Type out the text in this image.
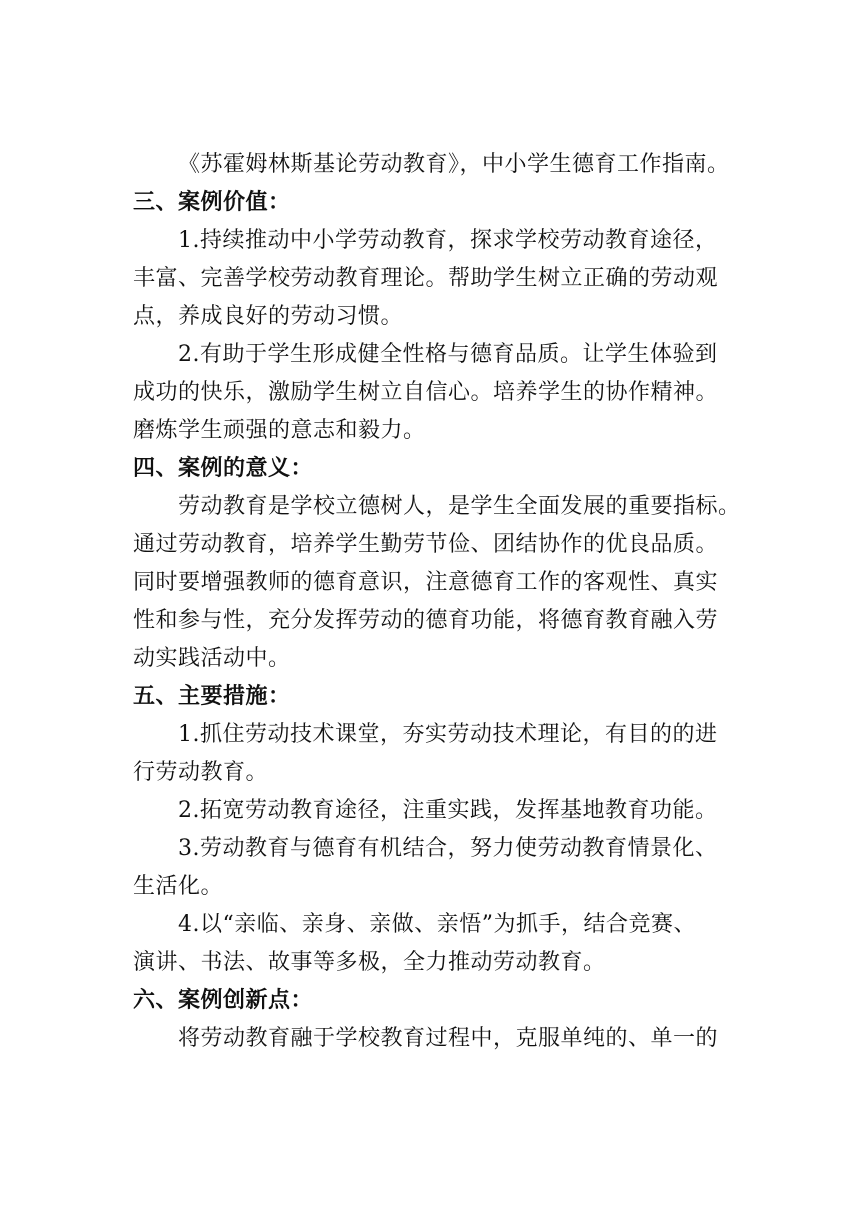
《苏霍姆林斯基论劳动教育》，中小学生德育工作指南。

三、案例价值：

1.持续推动中小学劳动教育，探求学校劳动教育途径，

丰富、完善学校劳动教育理论。帮助学生树立正确的劳动观

点，养成良好的劳动习惯。

2.有助于学生形成健全性格与德育品质。让学生体验到

成功的快乐，激励学生树立自信心。培养学生的协作精神。

磨炼学生顽强的意志和毅力。

四、案例的意义：

劳动教育是学校立德树人，是学生全面发展的重要指标。

通过劳动教育，培养学生勤劳节俭、团结协作的优良品质。

同时要增强教师的德育意识，注意德育工作的客观性、真实

性和参与性，充分发挥劳动的德育功能，将德育教育融入劳

动实践活动中。

五、主要措施：

1.抓住劳动技术课堂，夯实劳动技术理论，有目的的进

行劳动教育。

2.拓宽劳动教育途径，注重实践，发挥基地教育功能。

3.劳动教育与德育有机结合，努力使劳动教育情景化、

生活化。

4.以“亲临、亲身、亲做、亲悟”为抓手，结合竞赛、

演讲、书法、故事等多极，全力推动劳动教育。

六、案例创新点：

将劳动教育融于学校教育过程中，克服单纯的、单一的
